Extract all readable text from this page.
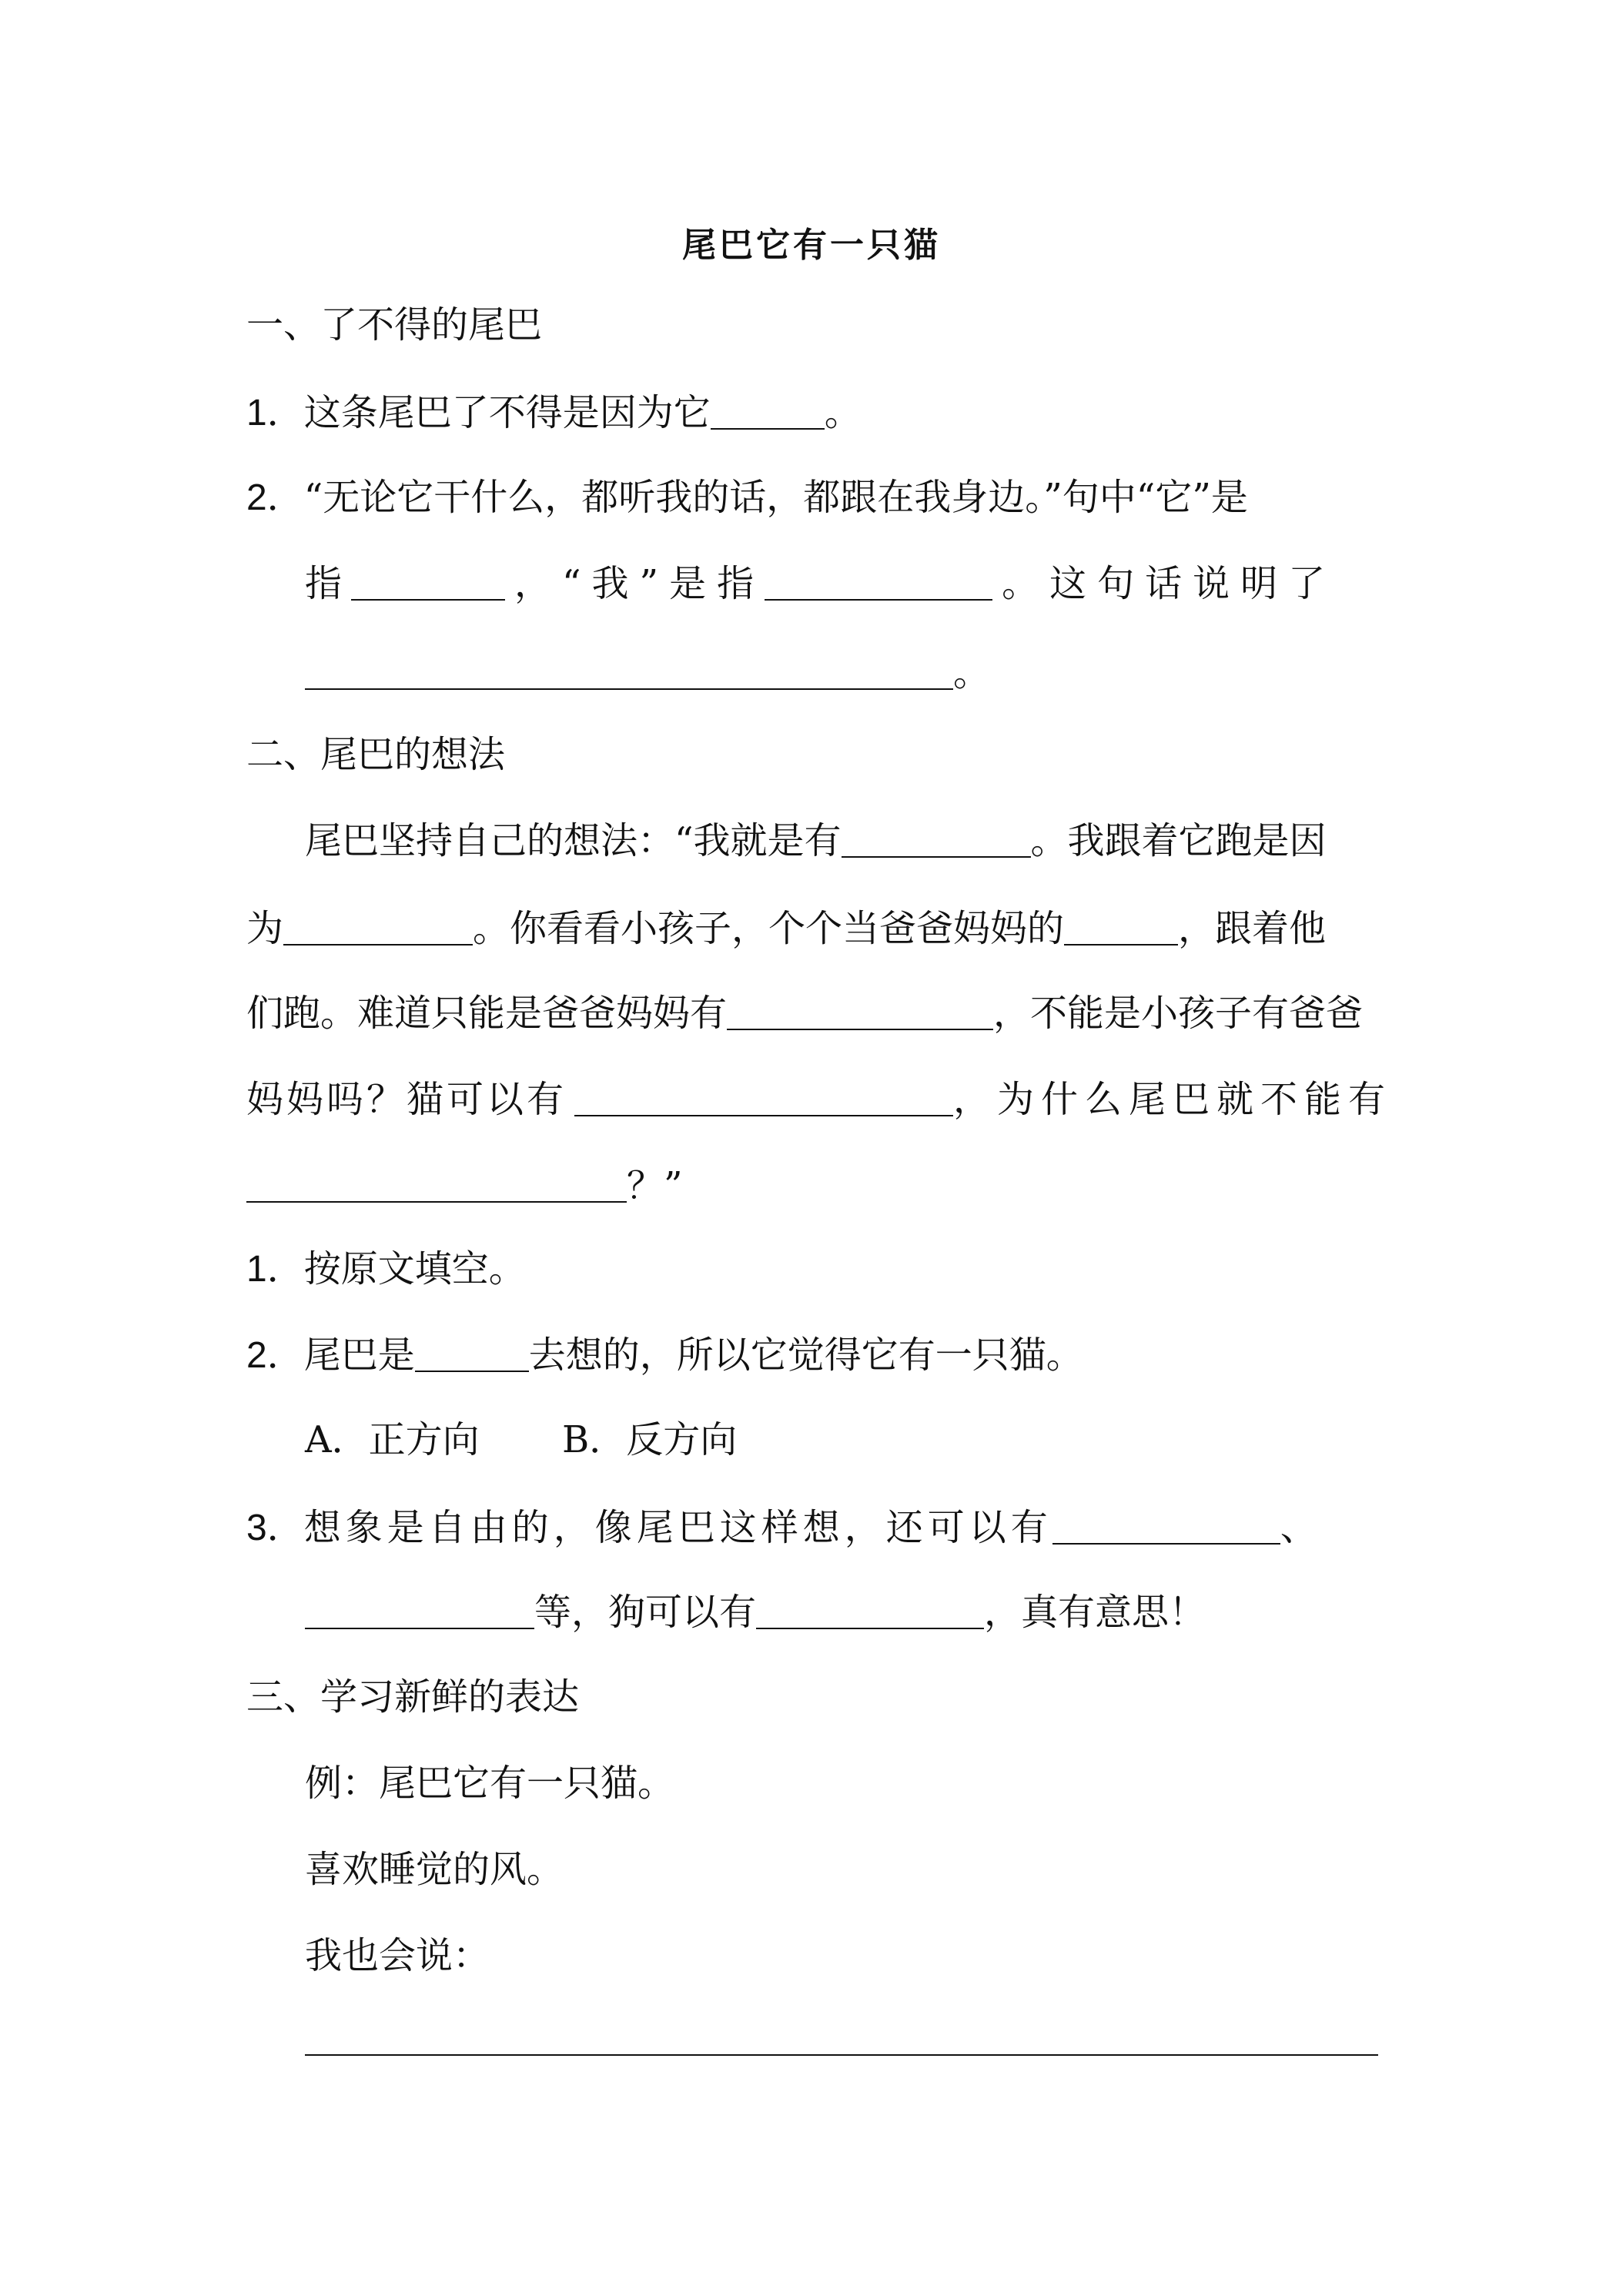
尾巴它有一只猫
一、了不得的尾巴
1．这条尾巴了不得是因为它	。
2．“无论它干什么，都听我的话，都跟在我身边。”句中“它”是
指	，“我”是指	。这句话说明了
。
二、尾巴的想法
尾巴坚持自己的想法：“我就是有	。我跟着它跑是因
为	。你看看小孩子，个个当爸爸妈妈的	，跟着他
们跑。难道只能是爸爸妈妈有	，不能是小孩子有爸爸
妈妈吗？猫可以有	，为什么尾巴就不能有
？”
1．按原文填空。
2．尾巴是	去想的，所以它觉得它有一只猫。
A．正方向 B．反方向
3．想象是自由的，像尾巴这样想，还可以有	、
等，狗可以有	，真有意思！
三、学习新鲜的表达
例：尾巴它有一只猫。
喜欢睡觉的风。
我也会说：
